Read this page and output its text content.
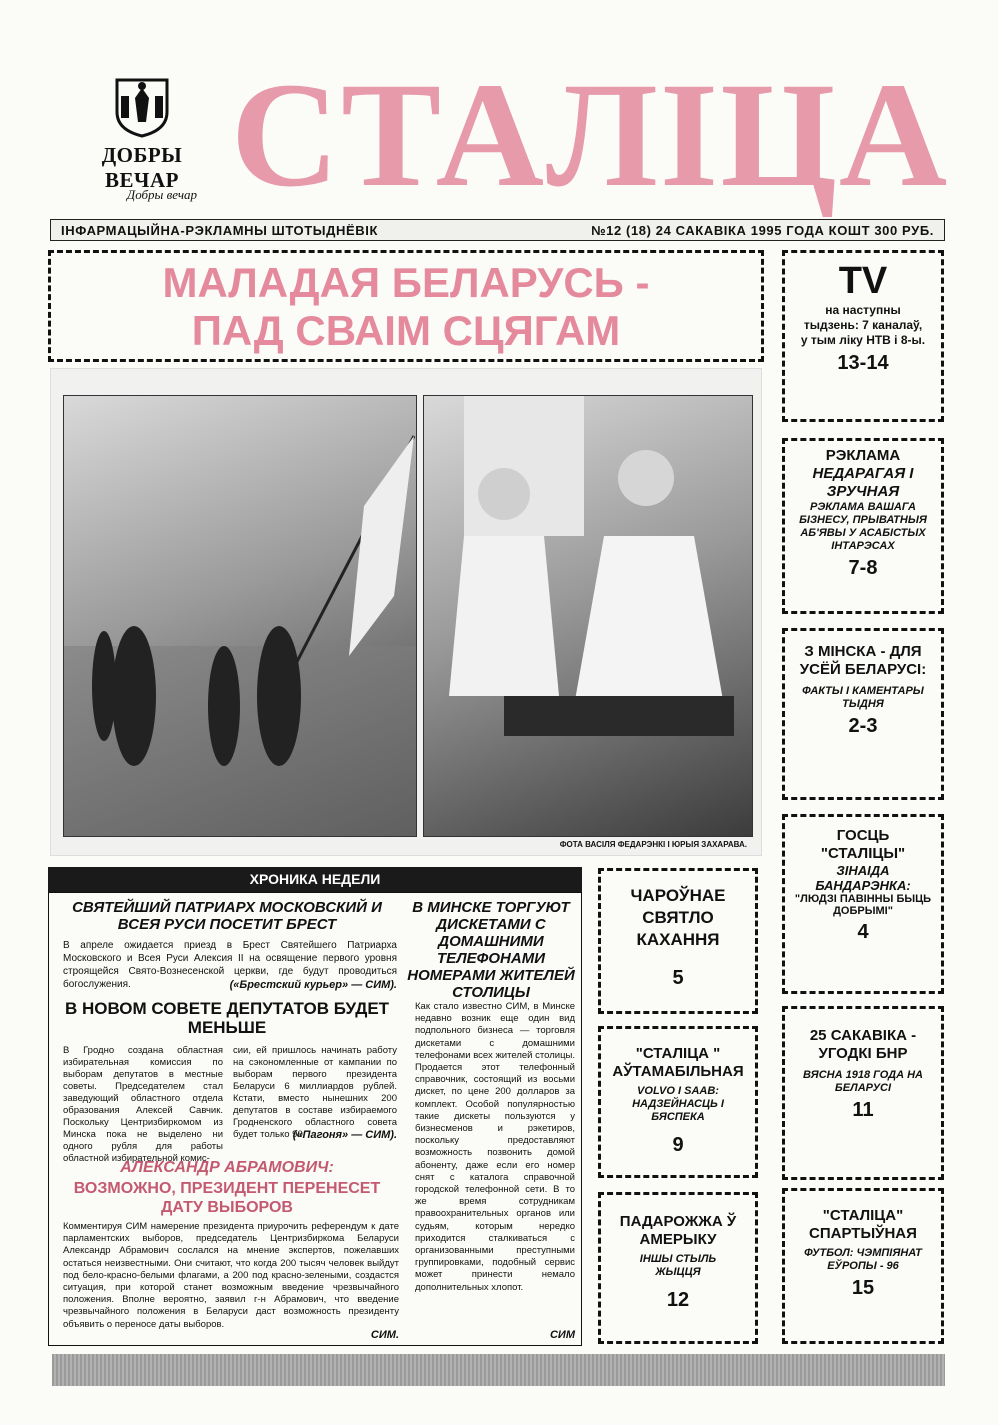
ДОБРЫ ВЕЧАР
Добры вечар СТАЛІЦА
ІНФАРМАЦЫЙНА-РЭКЛАМНЫ ШТОТЫДНЁВІК	№12 (18) 24 САКАВІКА 1995 ГОДА КОШТ 300 РУБ.
МАЛАДАЯ БЕЛАРУСЬ -
ПАД СВАІМ СЦЯГАМ
ФОТА ВАСІЛЯ ФЕДАРЭНКІ І ЮРЫЯ ЗАХАРАВА.
TV
на наступны тыдзень: 7 каналаў, у тым ліку НТВ і 8-ы.
13-14
РЭКЛАМА
НЕДАРАГАЯ І ЗРУЧНАЯ
РЭКЛАМА ВАШАГА БІЗНЕСУ, ПРЫВАТНЫЯ АБ'ЯВЫ У АСАБІСТЫХ ІНТАРЭСАХ
7-8
З МІНСКА - ДЛЯ УСЁЙ БЕЛАРУСІ:
ФАКТЫ І КАМЕНТАРЫ ТЫДНЯ
2-3
ГОСЦЬ "СТАЛІЦЫ"
ЗІНАІДА БАНДАРЭНКА:
"ЛЮДЗІ ПАВІННЫ БЫЦЬ ДОБРЫМІ"
4
25 САКАВІКА - УГОДКІ БНР
ВЯСНА 1918 ГОДА НА БЕЛАРУСІ
11
"СТАЛІЦА" СПАРТЫЎНАЯ
ФУТБОЛ: ЧЭМПІЯНАТ ЕЎРОПЫ - 96
15
ЧАРОЎНАЕ СВЯТЛО КАХАННЯ
5
"СТАЛІЦА " АЎТАМАБІЛЬНАЯ
VOLVO І SAAB: НАДЗЕЙНАСЦЬ І БЯСПЕКА
9
ПАДАРОЖЖА Ў АМЕРЫКУ
ІНШЫ СТЫЛЬ ЖЫЦЦЯ
12
ХРОНИКА НЕДЕЛИ
СВЯТЕЙШИЙ ПАТРИАРХ МОСКОВСКИЙ И ВСЕЯ РУСИ ПОСЕТИТ БРЕСТ
В апреле ожидается приезд в Брест Святейшего Патриарха Московского и Всея Руси Алексия II на освящение первого уровня строящейся Свято-Вознесенской церкви, где будут проводиться богослужения.	(«Брестский курьер» — СИМ).
В НОВОМ СОВЕТЕ ДЕПУТАТОВ БУДЕТ МЕНЬШЕ
В Гродно создана областная избирательная комиссия по выборам депутатов в местные советы. Председателем стал заведующий областного отдела образования Алексей Савчик. Поскольку Центризбиркомом из Минска пока не выделено ни одного рубля для работы областной избирательной комис-
сии, ей пришлось начинать работу на сэкономленные от кампании по выборам первого президента Беларуси 6 миллиардов рублей. Кстати, вместо нынешних 200 депутатов в составе избираемого Гродненского областного совета будет только 90.
(«Пагоня» — СИМ).
АЛЕКСАНДР АБРАМОВИЧ:
ВОЗМОЖНО, ПРЕЗИДЕНТ ПЕРЕНЕСЕТ ДАТУ ВЫБОРОВ
Комментируя СИМ намерение президента приурочить референдум к дате парламентских выборов, председатель Центризбиркома Беларуси Александр Абрамович сослался на мнение экспертов, пожелавших остаться неизвестными. Они считают, что когда 200 тысяч человек выйдут под бело-красно-белыми флагами, а 200 под красно-зелеными, создастся ситуация, при которой станет возможным введение чрезвычайного положения. Вполне вероятно, заявил г-н Абрамович, что введение чрезвычайного положения в Беларуси даст возможность президенту объявить о переносе даты выборов.
СИМ.
В МИНСКЕ ТОРГУЮТ ДИСКЕТАМИ С ДОМАШНИМИ ТЕЛЕФОНАМИ НОМЕРАМИ ЖИТЕЛЕЙ СТОЛИЦЫ
Как стало известно СИМ, в Минске недавно возник еще один вид подпольного бизнеса — торговля дискетами с домашними телефонами всех жителей столицы. Продается этот телефонный справочник, состоящий из восьми дискет, по цене 200 долларов за комплект. Особой популярностью такие дискеты пользуются у бизнесменов и рэкетиров, поскольку предоставляют возможность позвонить домой абоненту, даже если его номер снят с каталога справочной городской телефонной сети. В то же время сотрудникам правоохранительных органов или судьям, которым нередко приходится сталкиваться с организованными преступными группировками, подобный сервис может принести немало дополнительных хлопот.
СИМ
